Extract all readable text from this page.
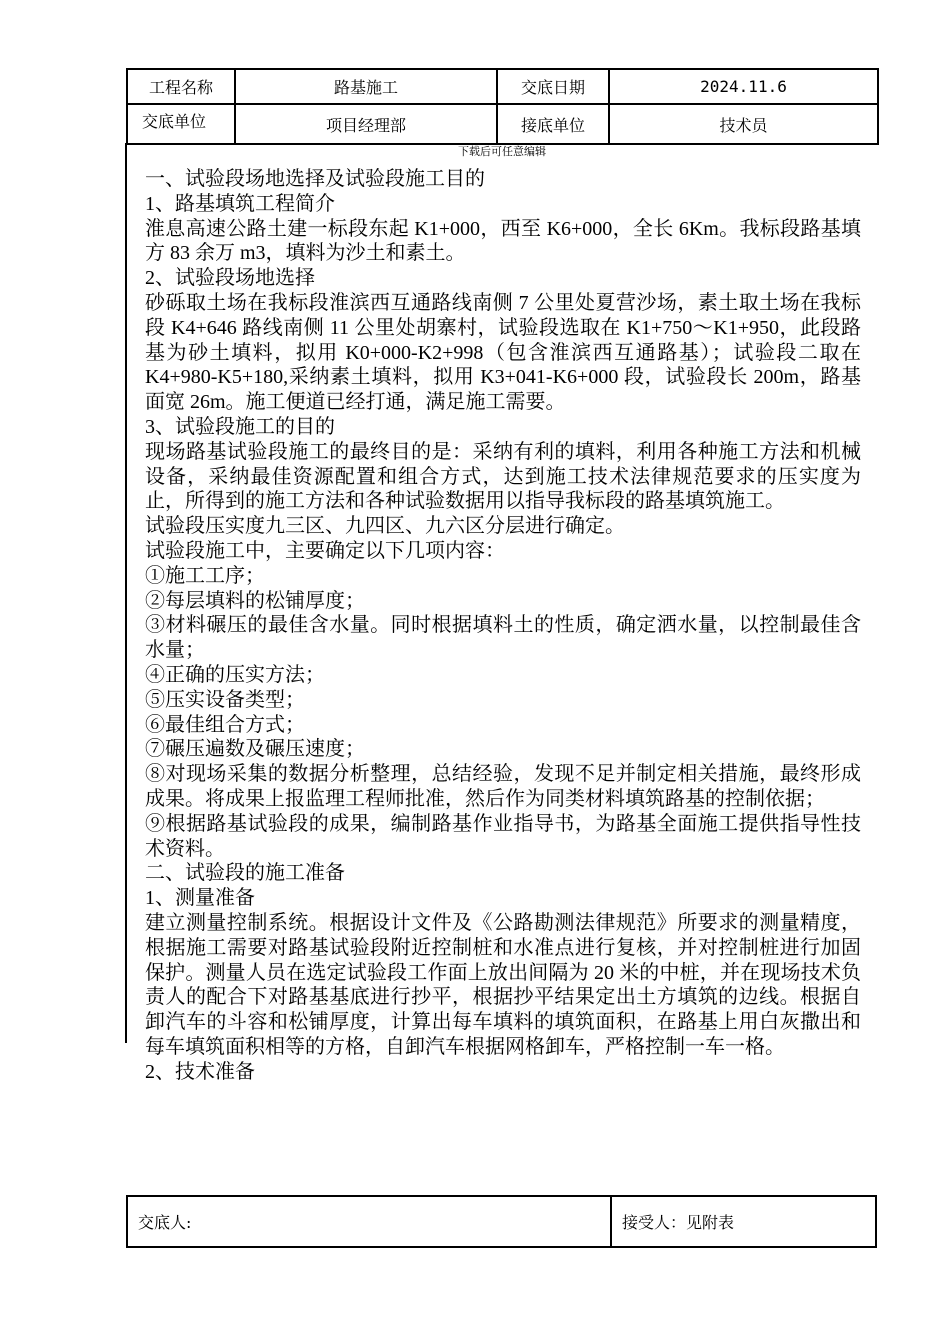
工程名称	路基施工	交底日期	2024.11.6
交底单位	项目经理部	接底单位	技术员
下载后可任意编辑

一、试验段场地选择及试验段施工目的

1、路基填筑工程简介

淮息高速公路土建一标段东起 K1+000，西至 K6+000，全长 6Km。我标段路基填方 83 余万 m3，填料为沙土和素土。

2、试验段场地选择

砂砾取土场在我标段淮滨西互通路线南侧 7 公里处夏营沙场，素土取土场在我标段 K4+646 路线南侧 11 公里处胡寨村，试验段选取在 K1+750～K1+950，此段路基为砂土填料，拟用 K0+000-K2+998（包含淮滨西互通路基）；试验段二取在 K4+980-K5+180,采纳素土填料，拟用 K3+041-K6+000 段，试验段长 200m，路基面宽 26m。施工便道已经打通，满足施工需要。

3、试验段施工的目的

现场路基试验段施工的最终目的是：采纳有利的填料，利用各种施工方法和机械设备，采纳最佳资源配置和组合方式，达到施工技术法律规范要求的压实度为止，所得到的施工方法和各种试验数据用以指导我标段的路基填筑施工。

试验段压实度九三区、九四区、九六区分层进行确定。

试验段施工中，主要确定以下几项内容：

①施工工序；

②每层填料的松铺厚度；

③材料碾压的最佳含水量。同时根据填料土的性质，确定洒水量，以控制最佳含水量；

④正确的压实方法；

⑤压实设备类型；

⑥最佳组合方式；

⑦碾压遍数及碾压速度；

⑧对现场采集的数据分析整理，总结经验，发现不足并制定相关措施，最终形成成果。将成果上报监理工程师批准，然后作为同类材料填筑路基的控制依据；

⑨根据路基试验段的成果，编制路基作业指导书，为路基全面施工提供指导性技术资料。

二、试验段的施工准备

1、测量准备

建立测量控制系统。根据设计文件及《公路勘测法律规范》所要求的测量精度，根据施工需要对路基试验段附近控制桩和水准点进行复核，并对控制桩进行加固保护。测量人员在选定试验段工作面上放出间隔为 20 米的中桩，并在现场技术负责人的配合下对路基基底进行抄平，根据抄平结果定出土方填筑的边线。根据自卸汽车的斗容和松铺厚度，计算出每车填料的填筑面积，在路基上用白灰撒出和每车填筑面积相等的方格，自卸汽车根据网格卸车，严格控制一车一格。

2、技术准备

交底人:	接受人：见附表
